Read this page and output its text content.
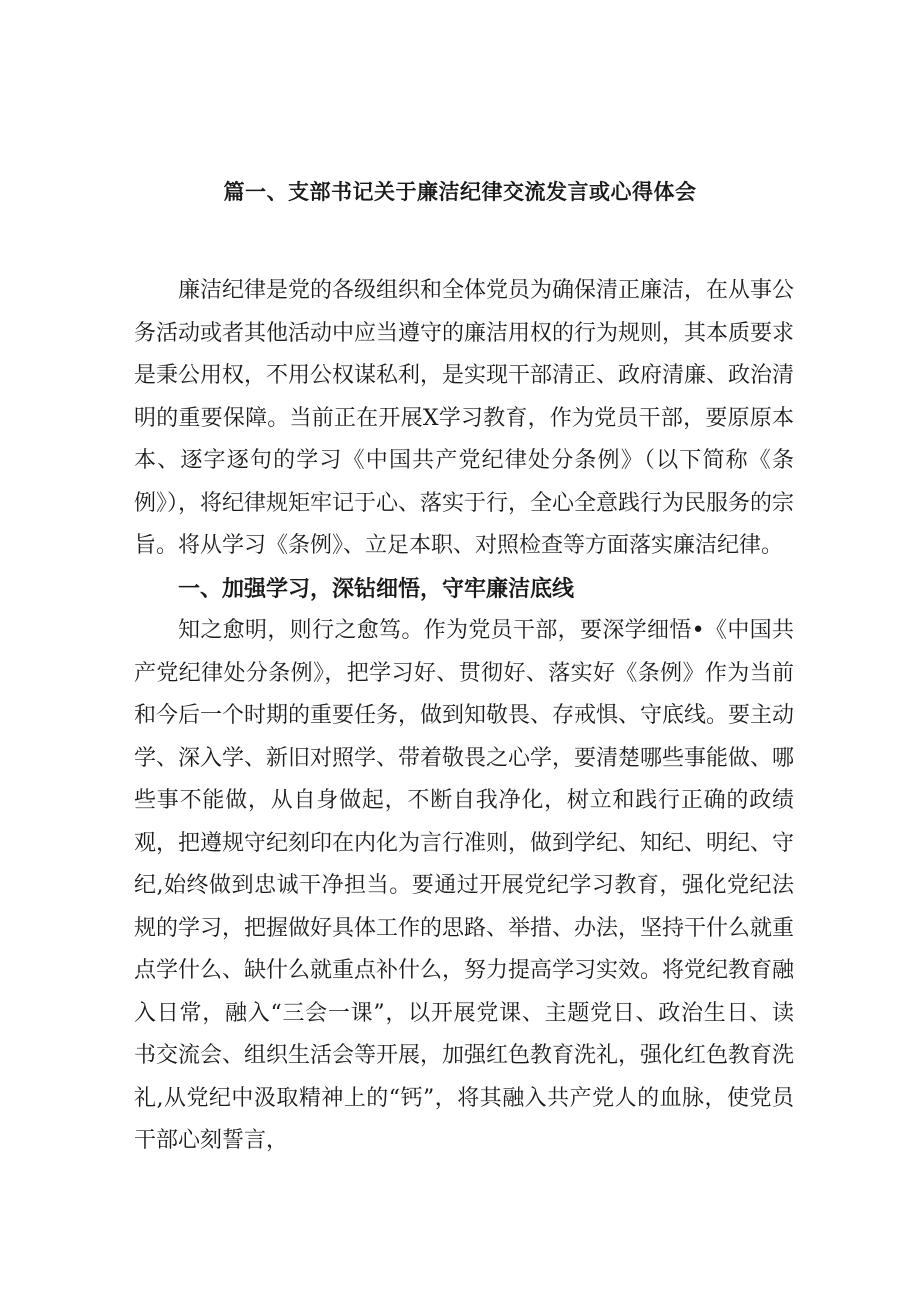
篇一、支部书记关于廉洁纪律交流发言或心得体会

廉洁纪律是党的各级组织和全体党员为确保清正廉洁，在从事公务活动或者其他活动中应当遵守的廉洁用权的行为规则，其本质要求是秉公用权，不用公权谋私利，是实现干部清正、政府清廉、政治清明的重要保障。当前正在开展X学习教育，作为党员干部，要原原本本、逐字逐句的学习《中国共产党纪律处分条例》（以下简称《条例》），将纪律规矩牢记于心、落实于行，全心全意践行为民服务的宗旨。将从学习《条例》、立足本职、对照检查等方面落实廉洁纪律。

一、加强学习，深钻细悟，守牢廉洁底线

知之愈明，则行之愈笃。作为党员干部，要深学细悟•《中国共产党纪律处分条例》，把学习好、贯彻好、落实好《条例》作为当前和今后一个时期的重要任务，做到知敬畏、存戒惧、守底线。要主动学、深入学、新旧对照学、带着敬畏之心学，要清楚哪些事能做、哪些事不能做，从自身做起，不断自我净化，树立和践行正确的政绩观，把遵规守纪刻印在内化为言行准则，做到学纪、知纪、明纪、守纪,始终做到忠诚干净担当。要通过开展党纪学习教育，强化党纪法规的学习，把握做好具体工作的思路、举措、办法，坚持干什么就重点学什么、缺什么就重点补什么，努力提高学习实效。将党纪教育融入日常，融入“三会一课”，以开展党课、主题党日、政治生日、读书交流会、组织生活会等开展，加强红色教育洗礼，强化红色教育洗礼,从党纪中汲取精神上的“钙”，将其融入共产党人的血脉，使党员干部心刻誓言，
